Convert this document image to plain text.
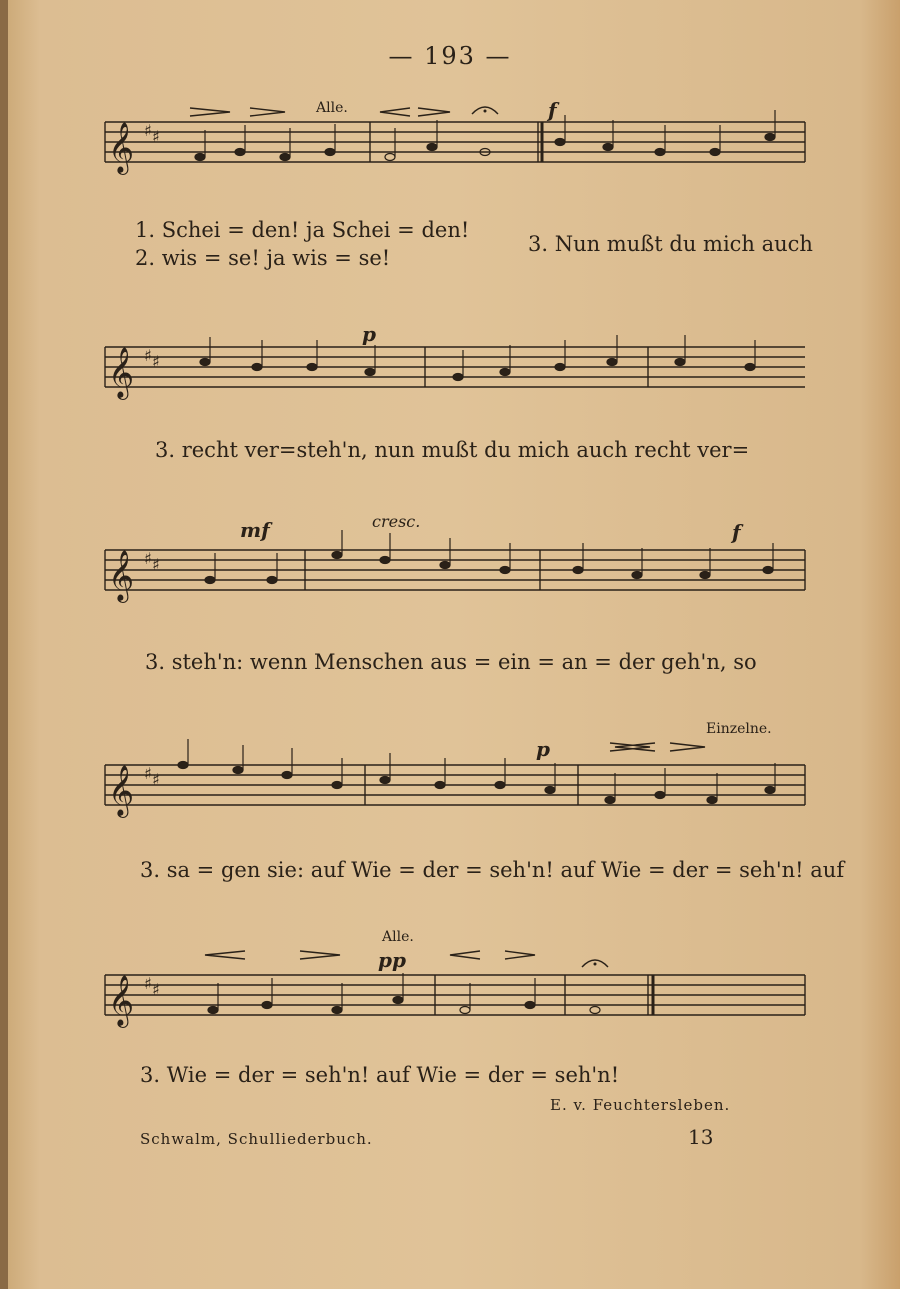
— 193 —
𝄞 ♯ ♯
Alle.	f
1. Schei = den! ja Schei = den!
2. wis = se! ja wis = se!
3. Nun mußt du mich auch
𝄞 ♯ ♯
p
3. recht ver=steh'n, nun mußt du mich auch recht ver=
𝄞 ♯ ♯
mf	cresc.	f
3. steh'n: wenn Menschen aus = ein = an = der geh'n, so
𝄞 ♯ ♯
p
Einzelne.
3. sa = gen sie: auf Wie = der = seh'n! auf Wie = der = seh'n! auf
𝄞 ♯ ♯
Alle.
pp
3. Wie = der = seh'n! auf Wie = der = seh'n!
E. v. Feuchtersleben.
Schwalm, Schulliederbuch.	13
